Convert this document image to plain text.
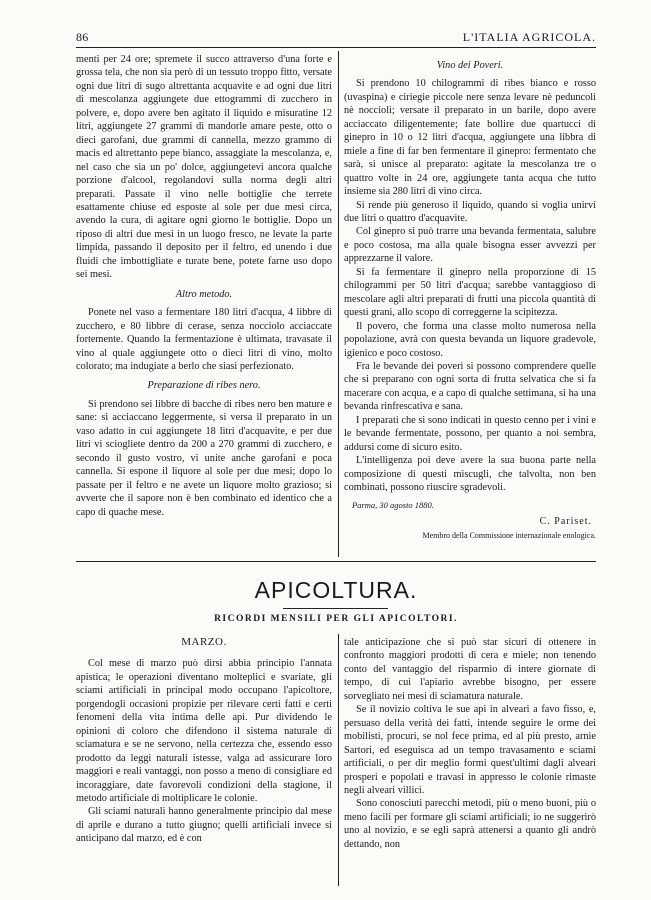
86	L'ITALIA AGRICOLA.

menti per 24 ore; spremete il succo attraverso d'una forte e grossa tela, che non sia però di un tessuto troppo fitto, versate ogni due litri di sugo altrettanta acquavite e ad ogni due litri di mescolanza aggiungete due ettogrammi di zucchero in polvere, e, dopo avere ben agitato il liquido e misuratine 12 litri, aggiungete 27 grammi di mandorle amare peste, otto o dieci garofani, due grammi di cannella, mezzo grammo di macis ed altrettanto pepe bianco, assaggiate la mescolanza, e, nel caso che sia un po' dolce, aggiungetevi ancora qualche porzione d'alcool, regolandovi sulla norma degli altri preparati. Passate il vino nelle bottiglie che terrete esattamente chiuse ed esposte al sole per due mesi circa, avendo la cura, di agitare ogni giorno le bottiglie. Dopo un riposo di altri due mesi in un luogo fresco, ne levate la parte limpida, passando il deposito per il feltro, ed unendo i due fluidi che imbottigliate e turate bene, potete farne uso dopo sei mesi.

Altro metodo.

Ponete nel vaso a fermentare 180 litri d'acqua, 4 libbre di zucchero, e 80 libbre di cerase, senza nocciolo acciaccate fortemente. Quando la fermentazione è ultimata, travasate il vino al quale aggiungete otto o dieci litri di vino, molto colorato; ma indugiate a berlo che siasi perfezionato.

Preparazione di ribes nero.

Si prendono sei libbre di bacche di ribes nero ben mature e sane: si acciaccano leggermente, si versa il preparato in un vaso adatto in cui aggiungete 18 litri d'acquavite, e per due litri vi sciogliete dentro da 200 a 270 grammi di zucchero, e secondo il gusto vostro, vi unite anche garofani e poca cannella. Si espone il liquore al sole per due mesi; dopo lo passate per il feltro e ne avete un liquore molto grazioso; si avverte che il sapore non è ben combinato ed identico che a capo di quache mese.

Vino dei Poveri.

Si prendono 10 chilogrammi di ribes bianco e rosso (uvaspina) e ciriegie piccole nere senza levare nè peduncoli nè noccioli; versate il preparato in un barile, dopo avere acciaccato diligentemente; fate bollire due quartucci di ginepro in 10 o 12 litri d'acqua, aggiungete una libbra di miele a fine di far ben fermentare il ginepro: fermentato che sarà, si unisce al preparato: agitate la mescolanza tre o quattro volte in 24 ore, aggiungete tanta acqua che tutto insieme sia 280 litri di vino circa.

Si rende più generoso il liquido, quando si voglia unirvi due litri o quattro d'acquavite.

Col ginepro si può trarre una bevanda fermentata, salubre e poco costosa, ma alla quale bisogna esser avvezzi per apprezzarne il valore.

Si fa fermentare il ginepro nella proporzione di 15 chilogrammi per 50 litri d'acqua; sarebbe vantaggioso di mescolare agli altri preparati di frutti una piccola quantità di questi grani, allo scopo di correggerne la scipitezza.

Il povero, che forma una classe molto numerosa nella popolazione, avrà con questa bevanda un liquore gradevole, igienico e poco costoso.

Fra le bevande dei poveri si possono comprendere quelle che si preparano con ogni sorta di frutta selvatica che si fa macerare con acqua, e a capo di qualche settimana, si ha una bevanda rinfrescativa e sana.

I preparati che si sono indicati in questo cenno per i vini e le bevande fermentate, possono, per quanto a noi sembra, addursi come di sicuro esito.

L'intelligenza poi deve avere la sua buona parte nella composizione di questi miscugli, che talvolta, non ben combinati, possono riuscire sgradevoli.

Parma, 30 agosto 1880.
C. Pariset.
Membro della Commissione internazionale enologica.
APICOLTURA.
RICORDI MENSILI PER GLI APICOLTORI.
MARZO.

Col mese di marzo può dirsi abbia principio l'annata apistica; le operazioni diventano molteplici e svariate, gli sciami artificiali in principal modo occupano l'apicoltore, porgendogli occasioni propizie per rilevare certi fatti e certi fenomeni della vita intima delle api. Pur dividendo le opinioni di coloro che difendono il sistema naturale di sciamatura e se ne servono, nella certezza che, essendo esso prodotto da leggi naturali istesse, valga ad assicurare loro maggiori e reali vantaggi, non posso a meno di consigliare ed incoraggiare, date favorevoli condizioni della stagione, il metodo artificiale di moltiplicare le colonie.

Gli sciami naturali hanno generalmente principio dal mese di aprile e durano a tutto giugno; quelli artificiali invece si anticipano dal marzo, ed è con

tale anticipazione che si può star sicuri di ottenere in confronto maggiori prodotti di cera e miele; non tenendo conto del vantaggio del risparmio di intere giornate di tempo, di cui l'apiario avrebbe bisogno, per essere sorvegliato nei mesi di sciamatura naturale.

Se il novizio coltiva le sue api in alveari a favo fisso, e, persuaso della verità dei fatti, intende seguire le orme dei mobilisti, procuri, se nol fece prima, ed al più presto, arnie Sartori, ed eseguisca ad un tempo travasamento e sciami artificiali, o per dir meglio formi quest'ultimi dagli alveari prosperi e popolati e travasi in appresso le colonie rimaste negli alveari villici.

Sono conosciuti parecchi metodi, più o meno buoni, più o meno facili per formare gli sciami artificiali; io ne suggerirò uno al novizio, e se egli saprà attenersi a quanto gli andrò dettando, non
